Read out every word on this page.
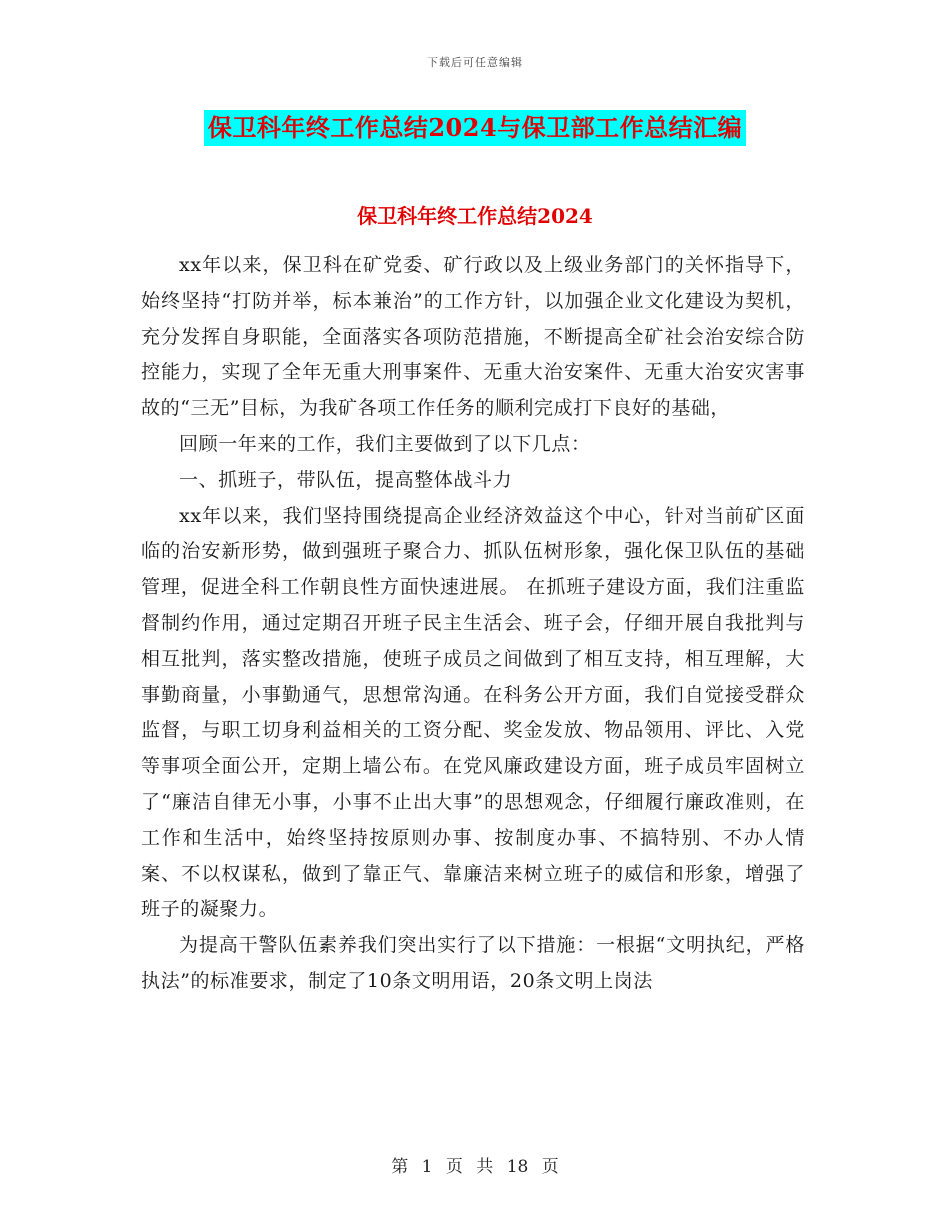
下载后可任意编辑
保卫科年终工作总结2024与保卫部工作总结汇编
保卫科年终工作总结2024

xx年以来，保卫科在矿党委、矿行政以及上级业务部门的关怀指导下，始终坚持“打防并举，标本兼治”的工作方针，以加强企业文化建设为契机，充分发挥自身职能，全面落实各项防范措施，不断提高全矿社会治安综合防控能力，实现了全年无重大刑事案件、无重大治安案件、无重大治安灾害事故的“三无”目标，为我矿各项工作任务的顺利完成打下良好的基础，

回顾一年来的工作，我们主要做到了以下几点：

一、抓班子，带队伍，提高整体战斗力

xx年以来，我们坚持围绕提高企业经济效益这个中心，针对当前矿区面临的治安新形势，做到强班子聚合力、抓队伍树形象，强化保卫队伍的基础管理，促进全科工作朝良性方面快速进展。 在抓班子建设方面，我们注重监督制约作用，通过定期召开班子民主生活会、班子会，仔细开展自我批判与相互批判，落实整改措施，使班子成员之间做到了相互支持，相互理解，大事勤商量，小事勤通气，思想常沟通。在科务公开方面，我们自觉接受群众监督，与职工切身利益相关的工资分配、奖金发放、物品领用、评比、入党等事项全面公开，定期上墙公布。在党风廉政建设方面，班子成员牢固树立了“廉洁自律无小事，小事不止出大事”的思想观念，仔细履行廉政准则，在工作和生活中，始终坚持按原则办事、按制度办事、不搞特别、不办人情案、不以权谋私，做到了靠正气、靠廉洁来树立班子的威信和形象，增强了班子的凝聚力。

为提高干警队伍素养我们突出实行了以下措施：一根据“文明执纪，严格执法”的标准要求，制定了10条文明用语，20条文明上岗法

第 1 页 共 18 页
